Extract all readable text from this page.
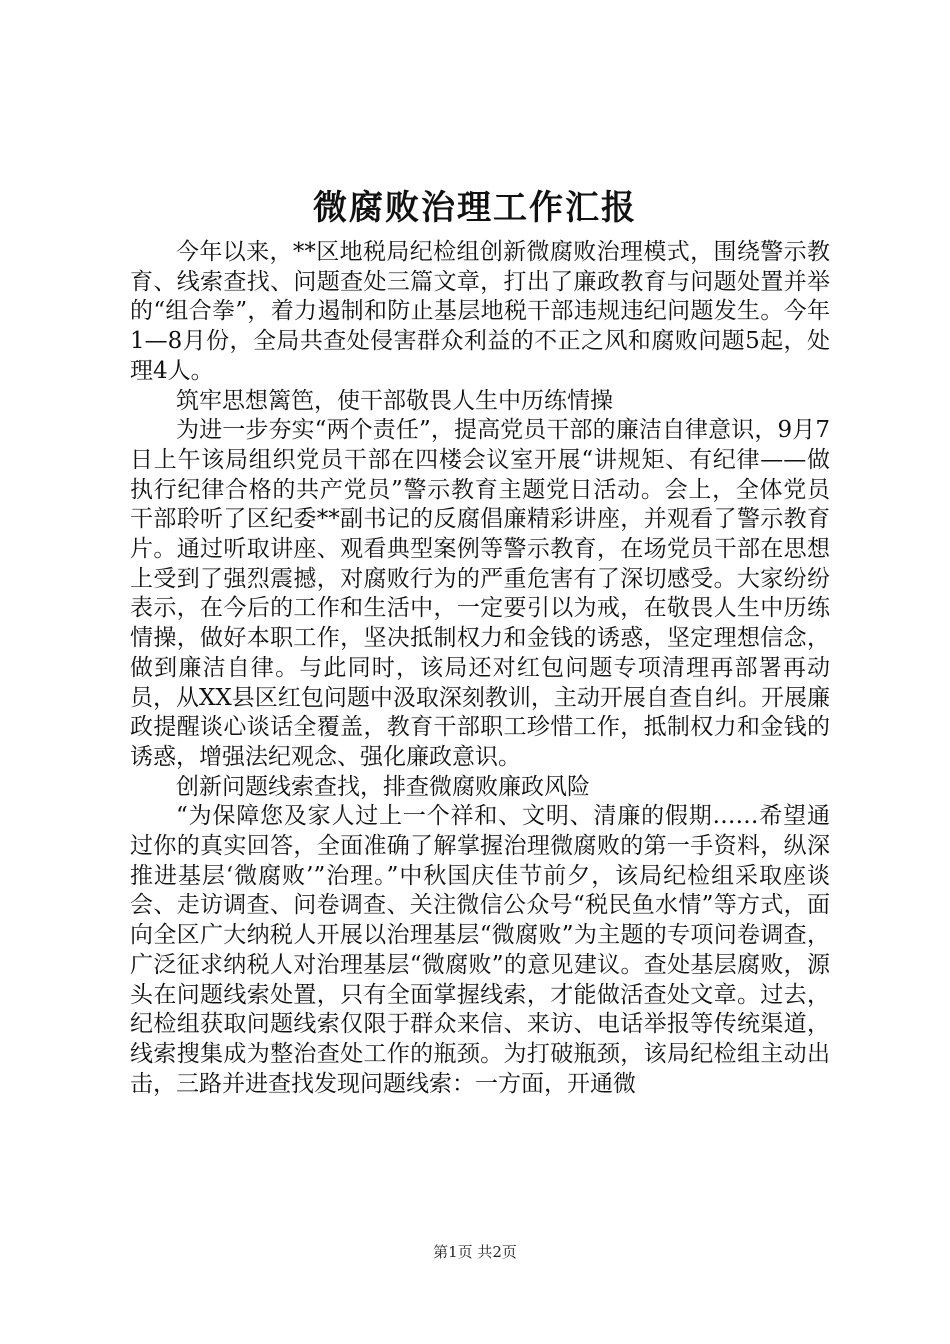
微腐败治理工作汇报

今年以来，**区地税局纪检组创新微腐败治理模式，围绕警示教育、线索查找、问题查处三篇文章，打出了廉政教育与问题处置并举的“组合拳”，着力遏制和防止基层地税干部违规违纪问题发生。今年1—8月份，全局共查处侵害群众利益的不正之风和腐败问题5起，处理4人。

筑牢思想篱笆，使干部敬畏人生中历练情操

为进一步夯实“两个责任”，提高党员干部的廉洁自律意识，9月7日上午该局组织党员干部在四楼会议室开展“讲规矩、有纪律——做执行纪律合格的共产党员”警示教育主题党日活动。会上，全体党员干部聆听了区纪委**副书记的反腐倡廉精彩讲座，并观看了警示教育片。通过听取讲座、观看典型案例等警示教育，在场党员干部在思想上受到了强烈震撼，对腐败行为的严重危害有了深切感受。大家纷纷表示，在今后的工作和生活中，一定要引以为戒，在敬畏人生中历练情操，做好本职工作，坚决抵制权力和金钱的诱惑，坚定理想信念，做到廉洁自律。与此同时，该局还对红包问题专项清理再部署再动员，从XX县区红包问题中汲取深刻教训，主动开展自查自纠。开展廉政提醒谈心谈话全覆盖，教育干部职工珍惜工作，抵制权力和金钱的诱惑，增强法纪观念、强化廉政意识。

创新问题线索查找，排查微腐败廉政风险

“为保障您及家人过上一个祥和、文明、清廉的假期……希望通过你的真实回答，全面准确了解掌握治理微腐败的第一手资料，纵深推进基层‘微腐败’”治理。”中秋国庆佳节前夕，该局纪检组采取座谈会、走访调查、问卷调查、关注微信公众号“税民鱼水情”等方式，面向全区广大纳税人开展以治理基层“微腐败”为主题的专项问卷调查，广泛征求纳税人对治理基层“微腐败”的意见建议。查处基层腐败，源头在问题线索处置，只有全面掌握线索，才能做活查处文章。过去，纪检组获取问题线索仅限于群众来信、来访、电话举报等传统渠道，线索搜集成为整治查处工作的瓶颈。为打破瓶颈，该局纪检组主动出击，三路并进查找发现问题线索：一方面，开通微

第1页 共2页
